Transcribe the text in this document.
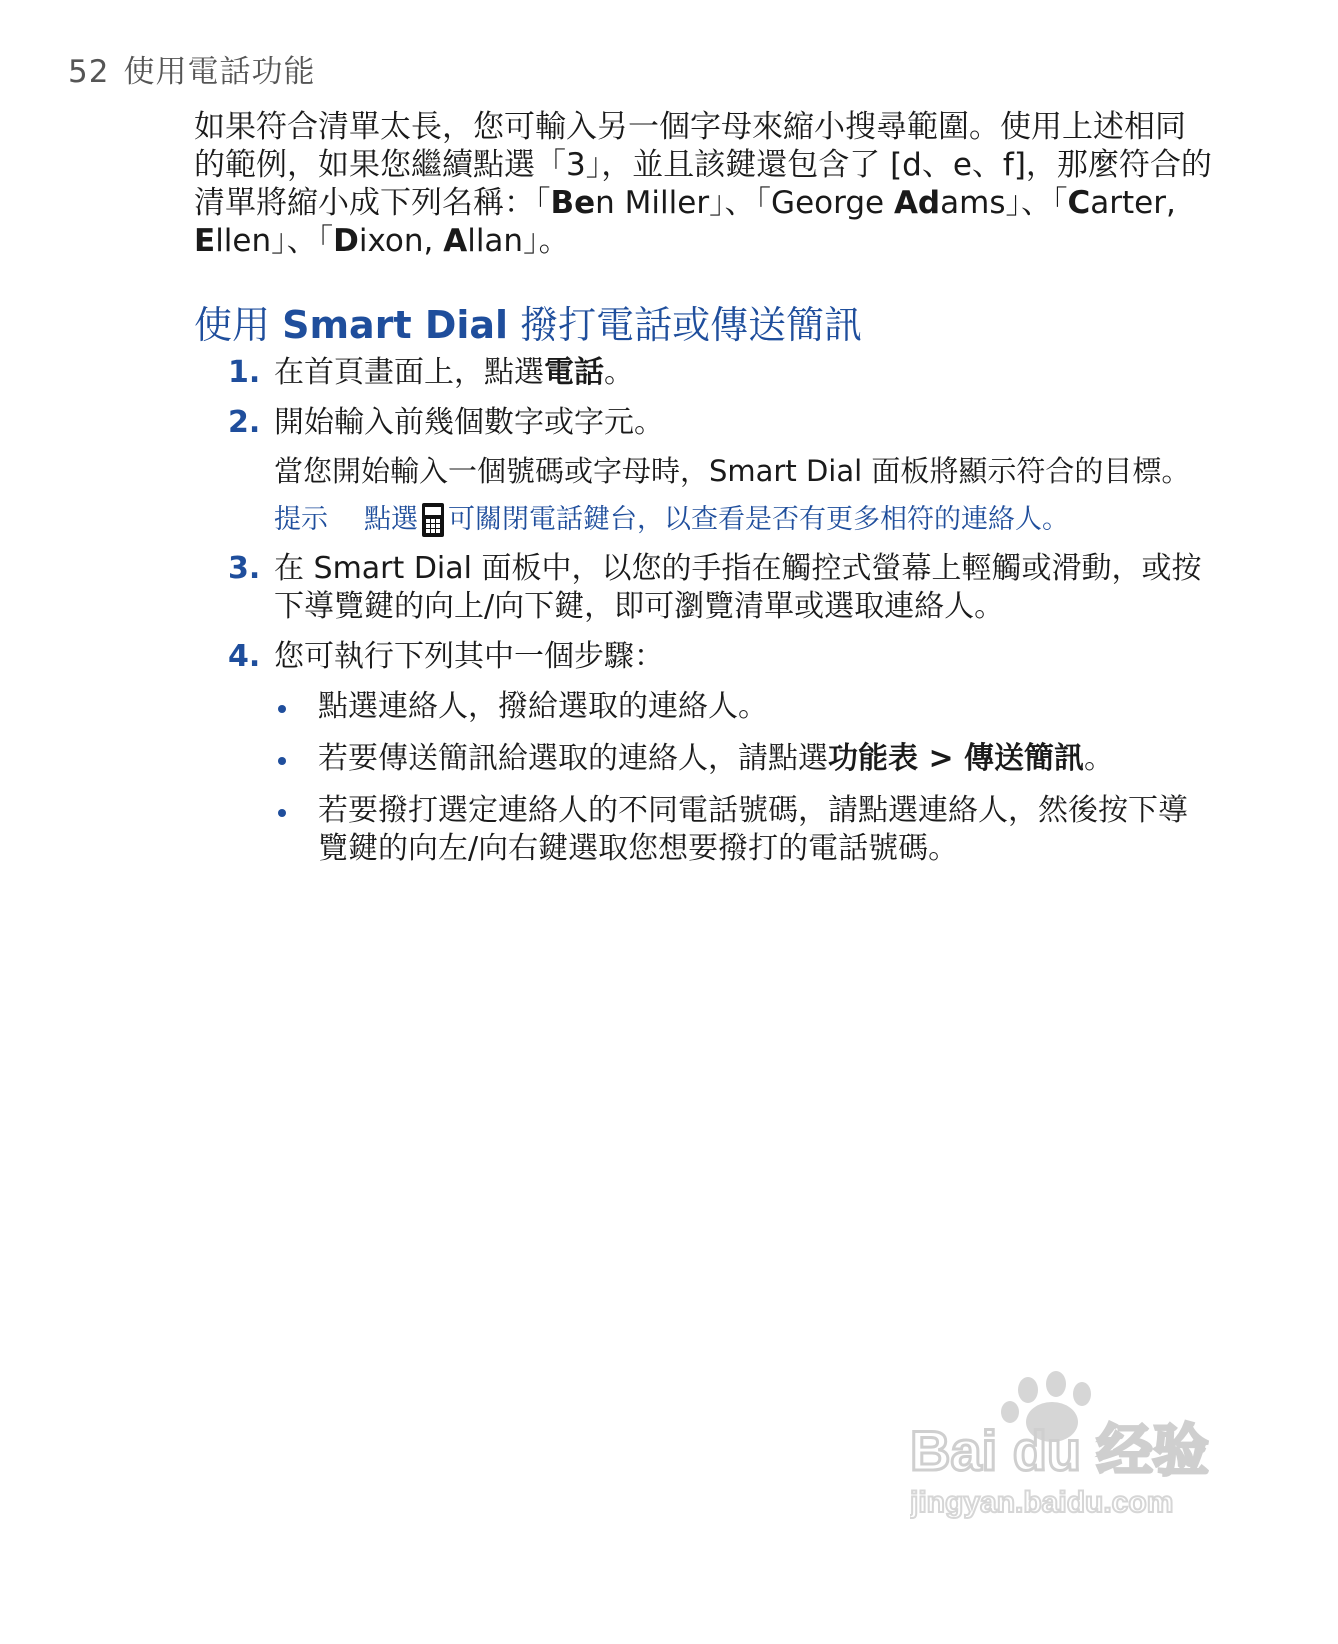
52 使用電話功能

如果符合清單太長，您可輸入另一個字母來縮小搜尋範圍。使用上述相同的範例，如果您繼續點選「3」，並且該鍵還包含了 [d、e、f]，那麼符合的清單將縮小成下列名稱：「Ben Miller」、「George Adams」、「Carter, Ellen」、「Dixon, Allan」。

使用 Smart Dial 撥打電話或傳送簡訊
1. 在首頁畫面上，點選電話。
2. 開始輸入前幾個數字或字元。
當您開始輸入一個號碼或字母時，Smart Dial 面板將顯示符合的目標。
提示	點選 可關閉電話鍵台，以查看是否有更多相符的連絡人。
3. 在 Smart Dial 面板中，以您的手指在觸控式螢幕上輕觸或滑動，或按下導覽鍵的向上/向下鍵，即可瀏覽清單或選取連絡人。
4. 您可執行下列其中一個步驟：
點選連絡人，撥給選取的連絡人。
若要傳送簡訊給選取的連絡人，請點選功能表 > 傳送簡訊。
若要撥打選定連絡人的不同電話號碼，請點選連絡人，然後按下導覽鍵的向左/向右鍵選取您想要撥打的電話號碼。
Bai du 经验
jingyan.baidu.com
